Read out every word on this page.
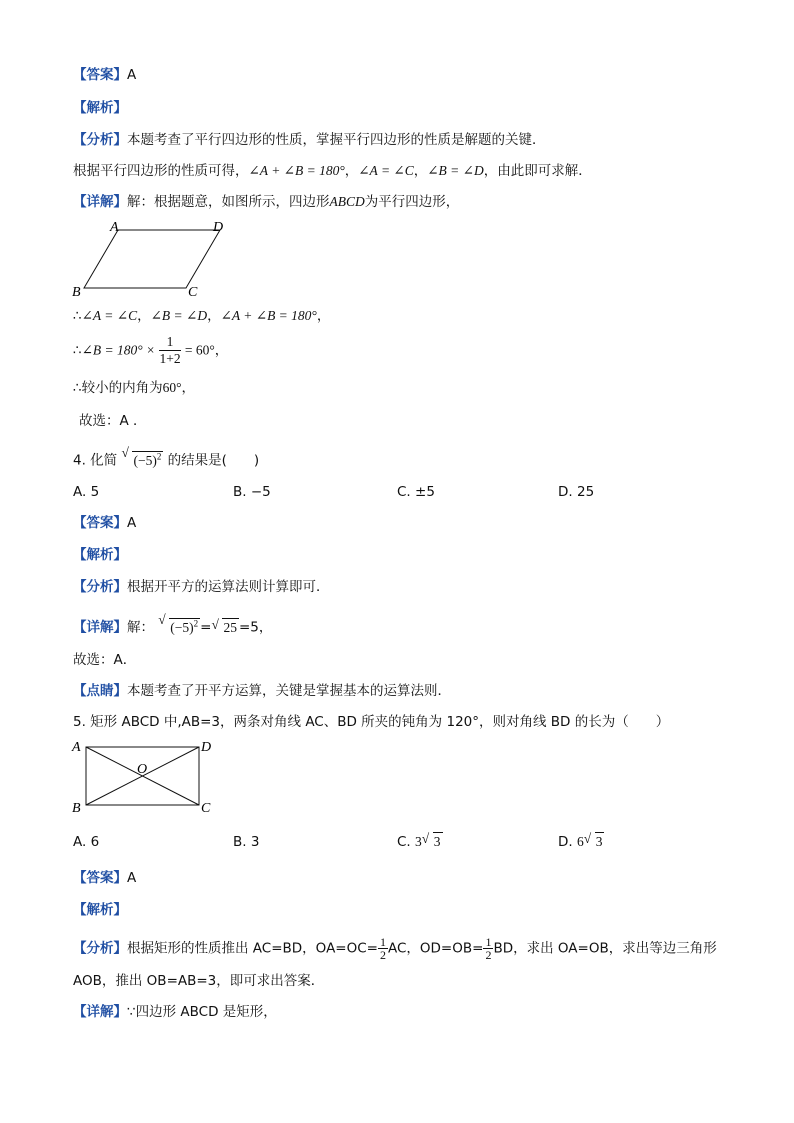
【答案】A
【解析】
【分析】本题考查了平行四边形的性质，掌握平行四边形的性质是解题的关键．
根据平行四边形的性质可得，∠A + ∠B = 180°，∠A = ∠C，∠B = ∠D，由此即可求解．
【详解】解：根据题意，如图所示，四边形ABCD为平行四边形，
A	D
B	C
∴∠A = ∠C，∠B = ∠D，∠A + ∠B = 180°，
∴∠B = $180^\circ \times \frac{1}{1+2} = 60^\circ$，
∴较小的内角为60°，
故选：A ．
4. 化简 √ $(-5)^2$ 的结果是(　　)
A. 5	B. −5	C. ±5	D. 25
【答案】A
【解析】
【分析】根据开平方的运算法则计算即可．
【详解】解： √ $(-5)^2$ = √ 25 =5，
故选：A．
【点睛】本题考查了开平方运算，关键是掌握基本的运算法则．
5. 矩形 ABCD 中,AB=3，两条对角线 AC、BD 所夹的钝角为 120°，则对角线 BD 的长为（　　）
A	D
B	C
O
A. 6	B. 3	C. 3 √ 3	D. 6 √ 3
【答案】A
【解析】
【分析】根据矩形的性质推出 AC=BD，$OA=OC= \frac{1}{2}$ AC，$OD=OB= \frac{1}{2}$ BD，求出 OA=OB，求出等边三角形
AOB，推出 OB=AB=3，即可求出答案．
【详解】∵四边形 ABCD 是矩形，
